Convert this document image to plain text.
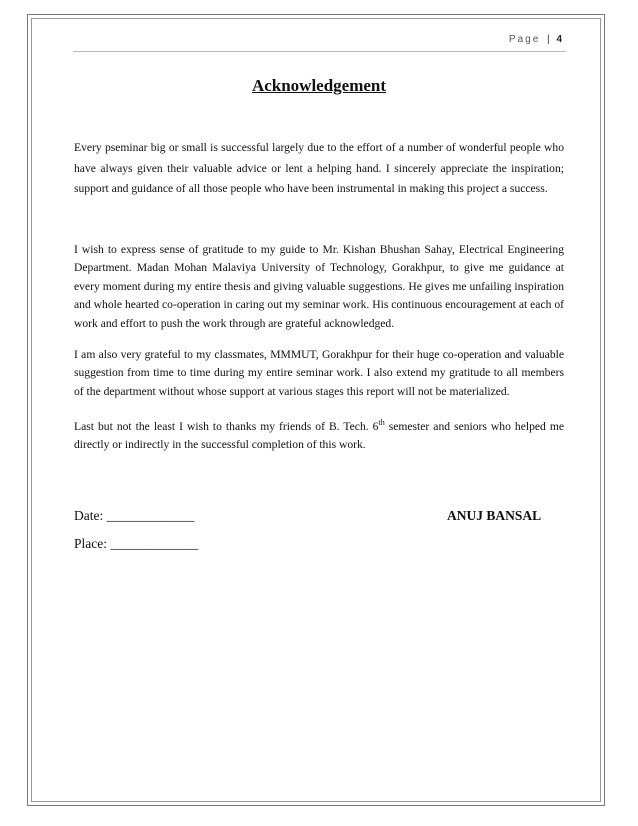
Page | 4
Acknowledgement

Every pseminar big or small is successful largely due to the effort of a number of wonderful people who have always given their valuable advice or lent a helping hand. I sincerely appreciate the inspiration; support and guidance of all those people who have been instrumental in making this project a success.

I wish to express sense of gratitude to my guide to Mr. Kishan Bhushan Sahay, Electrical Engineering Department. Madan Mohan Malaviya University of Technology, Gorakhpur, to give me guidance at every moment during my entire thesis and giving valuable suggestions. He gives me unfailing inspiration and whole hearted co-operation in caring out my seminar work. His continuous encouragement at each of work and effort to push the work through are grateful acknowledged.

I am also very grateful to my classmates, MMMUT, Gorakhpur for their huge co-operation and valuable suggestion from time to time during my entire seminar work. I also extend my gratitude to all members of the department without whose support at various stages this report will not be materialized.

Last but not the least I wish to thanks my friends of B. Tech. 6th semester and seniors who helped me directly or indirectly in the successful completion of this work.

Date: _____________
Place: _____________
ANUJ BANSAL
